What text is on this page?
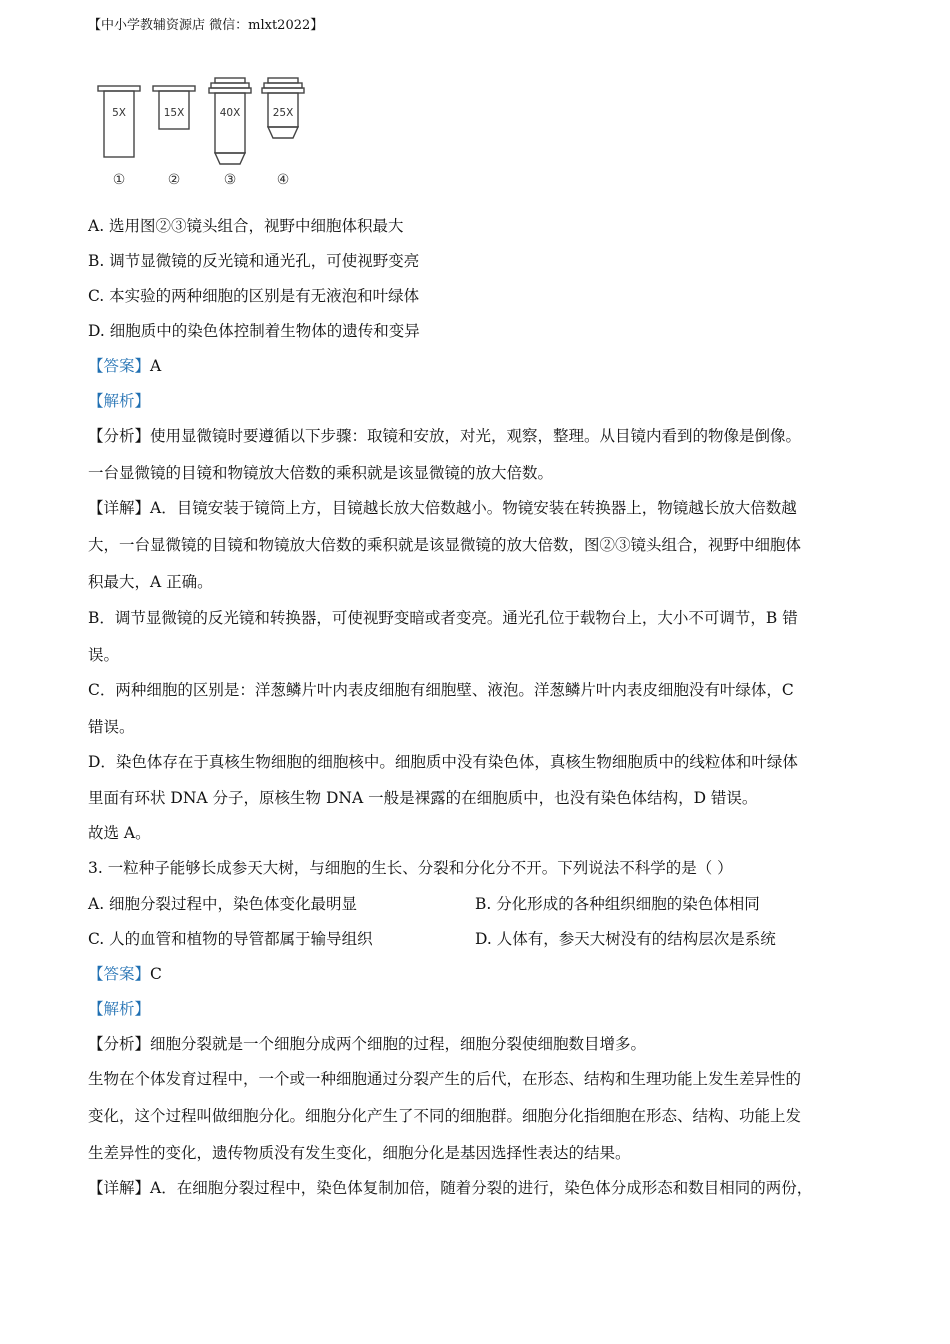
【中小学教辅资源店 微信：mlxt2022】
5X	15X	40X	25X
①	②	③	④
A. 选用图②③镜头组合，视野中细胞体积最大
B. 调节显微镜的反光镜和通光孔，可使视野变亮
C. 本实验的两种细胞的区别是有无液泡和叶绿体
D. 细胞质中的染色体控制着生物体的遗传和变异
【答案】A
【解析】
【分析】使用显微镜时要遵循以下步骤：取镜和安放，对光，观察，整理。从目镜内看到的物像是倒像。
一台显微镜的目镜和物镜放大倍数的乘积就是该显微镜的放大倍数。
【详解】A．目镜安装于镜筒上方，目镜越长放大倍数越小。物镜安装在转换器上，物镜越长放大倍数越
大，一台显微镜的目镜和物镜放大倍数的乘积就是该显微镜的放大倍数，图②③镜头组合，视野中细胞体
积最大，A 正确。
B．调节显微镜的反光镜和转换器，可使视野变暗或者变亮。通光孔位于载物台上，大小不可调节，B 错
误。
C．两种细胞的区别是：洋葱鳞片叶内表皮细胞有细胞壁、液泡。洋葱鳞片叶内表皮细胞没有叶绿体，C
错误。
D．染色体存在于真核生物细胞的细胞核中。细胞质中没有染色体，真核生物细胞质中的线粒体和叶绿体
里面有环状 DNA 分子，原核生物 DNA 一般是裸露的在细胞质中，也没有染色体结构，D 错误。
故选 A。
3. 一粒种子能够长成参天大树，与细胞的生长、分裂和分化分不开。下列说法不科学的是（ ）
A. 细胞分裂过程中，染色体变化最明显	B. 分化形成的各种组织细胞的染色体相同
C. 人的血管和植物的导管都属于输导组织	D. 人体有，参天大树没有的结构层次是系统
【答案】C
【解析】
【分析】细胞分裂就是一个细胞分成两个细胞的过程，细胞分裂使细胞数目增多。
生物在个体发育过程中，一个或一种细胞通过分裂产生的后代，在形态、结构和生理功能上发生差异性的
变化，这个过程叫做细胞分化。细胞分化产生了不同的细胞群。细胞分化指细胞在形态、结构、功能上发
生差异性的变化，遗传物质没有发生变化，细胞分化是基因选择性表达的结果。
【详解】A．在细胞分裂过程中，染色体复制加倍，随着分裂的进行，染色体分成形态和数目相同的两份，
